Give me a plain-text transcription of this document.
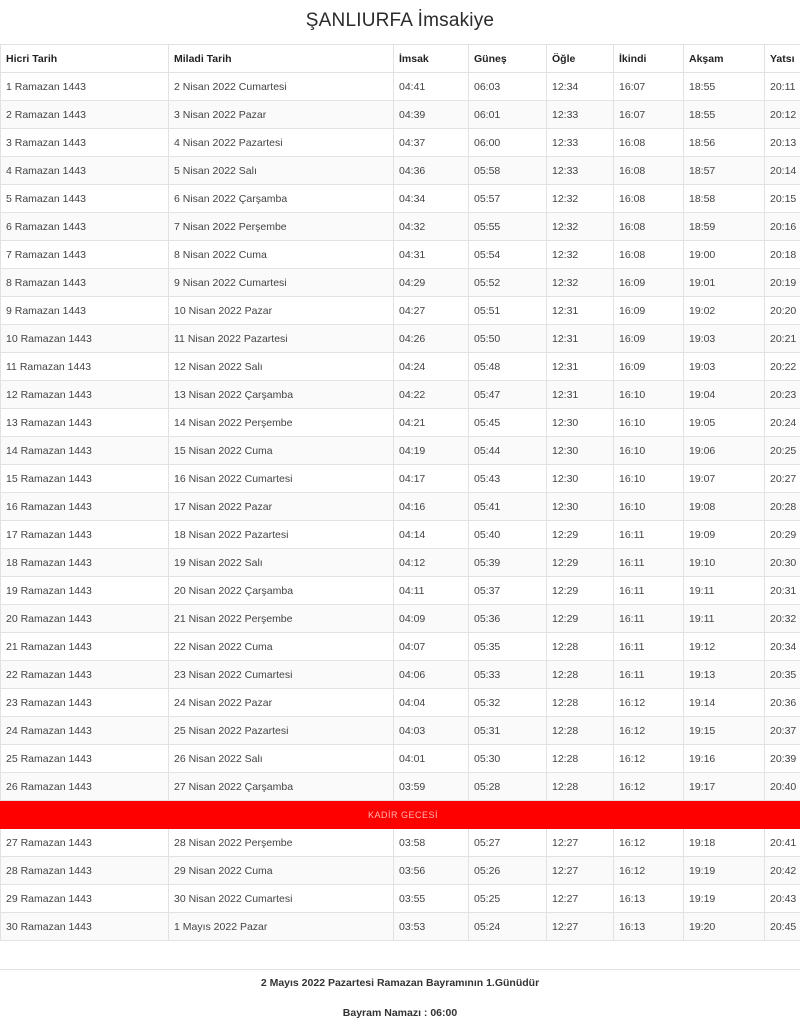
ŞANLIURFA İmsakiye
Hicri Tarih	Miladi Tarih	İmsak	Güneş	Öğle	İkindi	Akşam	Yatsı
1 Ramazan 1443	2 Nisan 2022 Cumartesi	04:41	06:03	12:34	16:07	18:55	20:11
2 Ramazan 1443	3 Nisan 2022 Pazar	04:39	06:01	12:33	16:07	18:55	20:12
3 Ramazan 1443	4 Nisan 2022 Pazartesi	04:37	06:00	12:33	16:08	18:56	20:13
4 Ramazan 1443	5 Nisan 2022 Salı	04:36	05:58	12:33	16:08	18:57	20:14
5 Ramazan 1443	6 Nisan 2022 Çarşamba	04:34	05:57	12:32	16:08	18:58	20:15
6 Ramazan 1443	7 Nisan 2022 Perşembe	04:32	05:55	12:32	16:08	18:59	20:16
7 Ramazan 1443	8 Nisan 2022 Cuma	04:31	05:54	12:32	16:08	19:00	20:18
8 Ramazan 1443	9 Nisan 2022 Cumartesi	04:29	05:52	12:32	16:09	19:01	20:19
9 Ramazan 1443	10 Nisan 2022 Pazar	04:27	05:51	12:31	16:09	19:02	20:20
10 Ramazan 1443	11 Nisan 2022 Pazartesi	04:26	05:50	12:31	16:09	19:03	20:21
11 Ramazan 1443	12 Nisan 2022 Salı	04:24	05:48	12:31	16:09	19:03	20:22
12 Ramazan 1443	13 Nisan 2022 Çarşamba	04:22	05:47	12:31	16:10	19:04	20:23
13 Ramazan 1443	14 Nisan 2022 Perşembe	04:21	05:45	12:30	16:10	19:05	20:24
14 Ramazan 1443	15 Nisan 2022 Cuma	04:19	05:44	12:30	16:10	19:06	20:25
15 Ramazan 1443	16 Nisan 2022 Cumartesi	04:17	05:43	12:30	16:10	19:07	20:27
16 Ramazan 1443	17 Nisan 2022 Pazar	04:16	05:41	12:30	16:10	19:08	20:28
17 Ramazan 1443	18 Nisan 2022 Pazartesi	04:14	05:40	12:29	16:11	19:09	20:29
18 Ramazan 1443	19 Nisan 2022 Salı	04:12	05:39	12:29	16:11	19:10	20:30
19 Ramazan 1443	20 Nisan 2022 Çarşamba	04:11	05:37	12:29	16:11	19:11	20:31
20 Ramazan 1443	21 Nisan 2022 Perşembe	04:09	05:36	12:29	16:11	19:11	20:32
21 Ramazan 1443	22 Nisan 2022 Cuma	04:07	05:35	12:28	16:11	19:12	20:34
22 Ramazan 1443	23 Nisan 2022 Cumartesi	04:06	05:33	12:28	16:11	19:13	20:35
23 Ramazan 1443	24 Nisan 2022 Pazar	04:04	05:32	12:28	16:12	19:14	20:36
24 Ramazan 1443	25 Nisan 2022 Pazartesi	04:03	05:31	12:28	16:12	19:15	20:37
25 Ramazan 1443	26 Nisan 2022 Salı	04:01	05:30	12:28	16:12	19:16	20:39
26 Ramazan 1443	27 Nisan 2022 Çarşamba	03:59	05:28	12:28	16:12	19:17	20:40
KADİR GECESİ							
27 Ramazan 1443	28 Nisan 2022 Perşembe	03:58	05:27	12:27	16:12	19:18	20:41
28 Ramazan 1443	29 Nisan 2022 Cuma	03:56	05:26	12:27	16:12	19:19	20:42
29 Ramazan 1443	30 Nisan 2022 Cumartesi	03:55	05:25	12:27	16:13	19:19	20:43
30 Ramazan 1443	1 Mayıs 2022 Pazar	03:53	05:24	12:27	16:13	19:20	20:45
2 Mayıs 2022 Pazartesi Ramazan Bayramının 1.Günüdür
Bayram Namazı : 06:00
